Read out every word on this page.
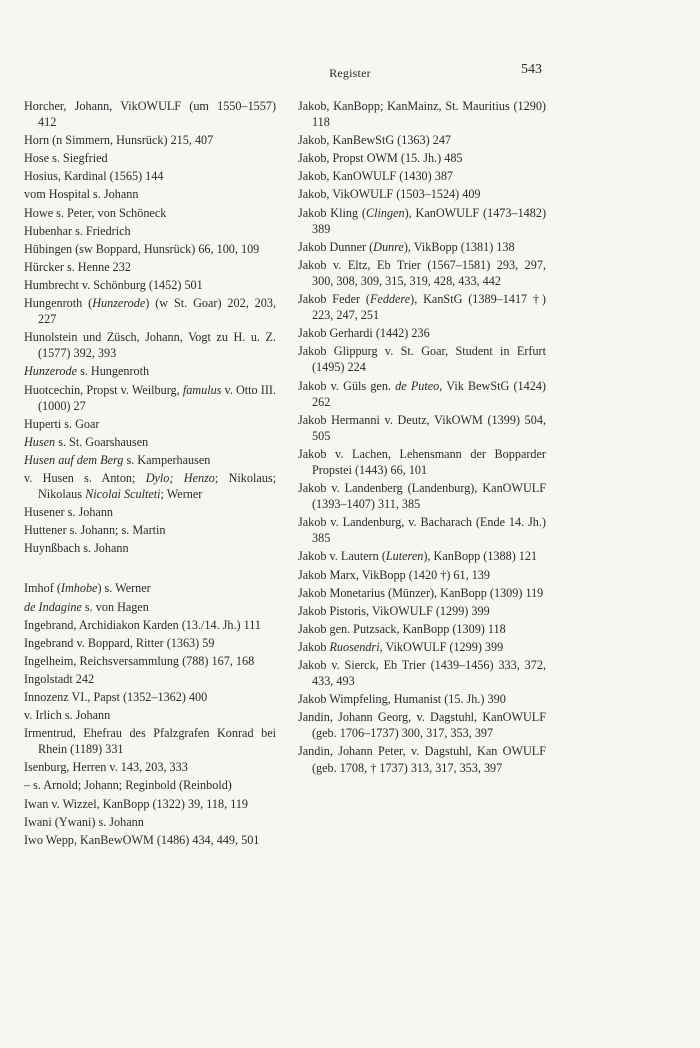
Register	543
Horcher, Johann, VikOWULF (um 1550–1557) 412
Horn (n Simmern, Hunsrück) 215, 407
Hose s. Siegfried
Hosius, Kardinal (1565) 144
vom Hospital s. Johann
Howe s. Peter, von Schöneck
Hubenhar s. Friedrich
Hübingen (sw Boppard, Hunsrück) 66, 100, 109
Hürcker s. Henne 232
Humbrecht v. Schönburg (1452) 501
Hungenroth (Hunzerode) (w St. Goar) 202, 203, 227
Hunolstein und Züsch, Johann, Vogt zu H. u. Z. (1577) 392, 393
Hunzerode s. Hungenroth
Huotcechin, Propst v. Weilburg, famulus v. Otto III. (1000) 27
Huperti s. Goar
Husen s. St. Goarshausen
Husen auf dem Berg s. Kamperhausen
v. Husen s. Anton; Dylo; Henzo; Nikolaus; Nikolaus Nicolai Sculteti; Werner
Husener s. Johann
Huttener s. Johann; s. Martin
Huynßbach s. Johann
Imhof (Imhobe) s. Werner
de Indagine s. von Hagen
Ingebrand, Archidiakon Karden (13./14. Jh.) 111
Ingebrand v. Boppard, Ritter (1363) 59
Ingelheim, Reichsversammlung (788) 167, 168
Ingolstadt 242
Innozenz VI., Papst (1352–1362) 400
v. Irlich s. Johann
Irmentrud, Ehefrau des Pfalzgrafen Konrad bei Rhein (1189) 331
Isenburg, Herren v. 143, 203, 333
– s. Arnold; Johann; Reginbold (Reinbold)
Iwan v. Wizzel, KanBopp (1322) 39, 118, 119
Iwani (Ywani) s. Johann
Iwo Wepp, KanBewOWM (1486) 434, 449, 501
Jakob, KanBopp; KanMainz, St. Mauritius (1290) 118
Jakob, KanBewStG (1363) 247
Jakob, Propst OWM (15. Jh.) 485
Jakob, KanOWULF (1430) 387
Jakob, VikOWULF (1503–1524) 409
Jakob Kling (Clingen), KanOWULF (1473–1482) 389
Jakob Dunner (Dunre), VikBopp (1381) 138
Jakob v. Eltz, Eb Trier (1567–1581) 293, 297, 300, 308, 309, 315, 319, 428, 433, 442
Jakob Feder (Feddere), KanStG (1389–1417 †) 223, 247, 251
Jakob Gerhardi (1442) 236
Jakob Glippurg v. St. Goar, Student in Erfurt (1495) 224
Jakob v. Güls gen. de Puteo, Vik BewStG (1424) 262
Jakob Hermanni v. Deutz, VikOWM (1399) 504, 505
Jakob v. Lachen, Lehensmann der Bopparder Propstei (1443) 66, 101
Jakob v. Landenberg (Landenburg), KanOWULF (1393–1407) 311, 385
Jakob v. Landenburg, v. Bacharach (Ende 14. Jh.) 385
Jakob v. Lautern (Luteren), KanBopp (1388) 121
Jakob Marx, VikBopp (1420 †) 61, 139
Jakob Monetarius (Münzer), KanBopp (1309) 119
Jakob Pistoris, VikOWULF (1299) 399
Jakob gen. Putzsack, KanBopp (1309) 118
Jakob Ruosendri, VikOWULF (1299) 399
Jakob v. Sierck, Eb Trier (1439–1456) 333, 372, 433, 493
Jakob Wimpfeling, Humanist (15. Jh.) 390
Jandin, Johann Georg, v. Dagstuhl, KanOWULF (geb. 1706–1737) 300, 317, 353, 397
Jandin, Johann Peter, v. Dagstuhl, Kan OWULF (geb. 1708, † 1737) 313, 317, 353, 397
